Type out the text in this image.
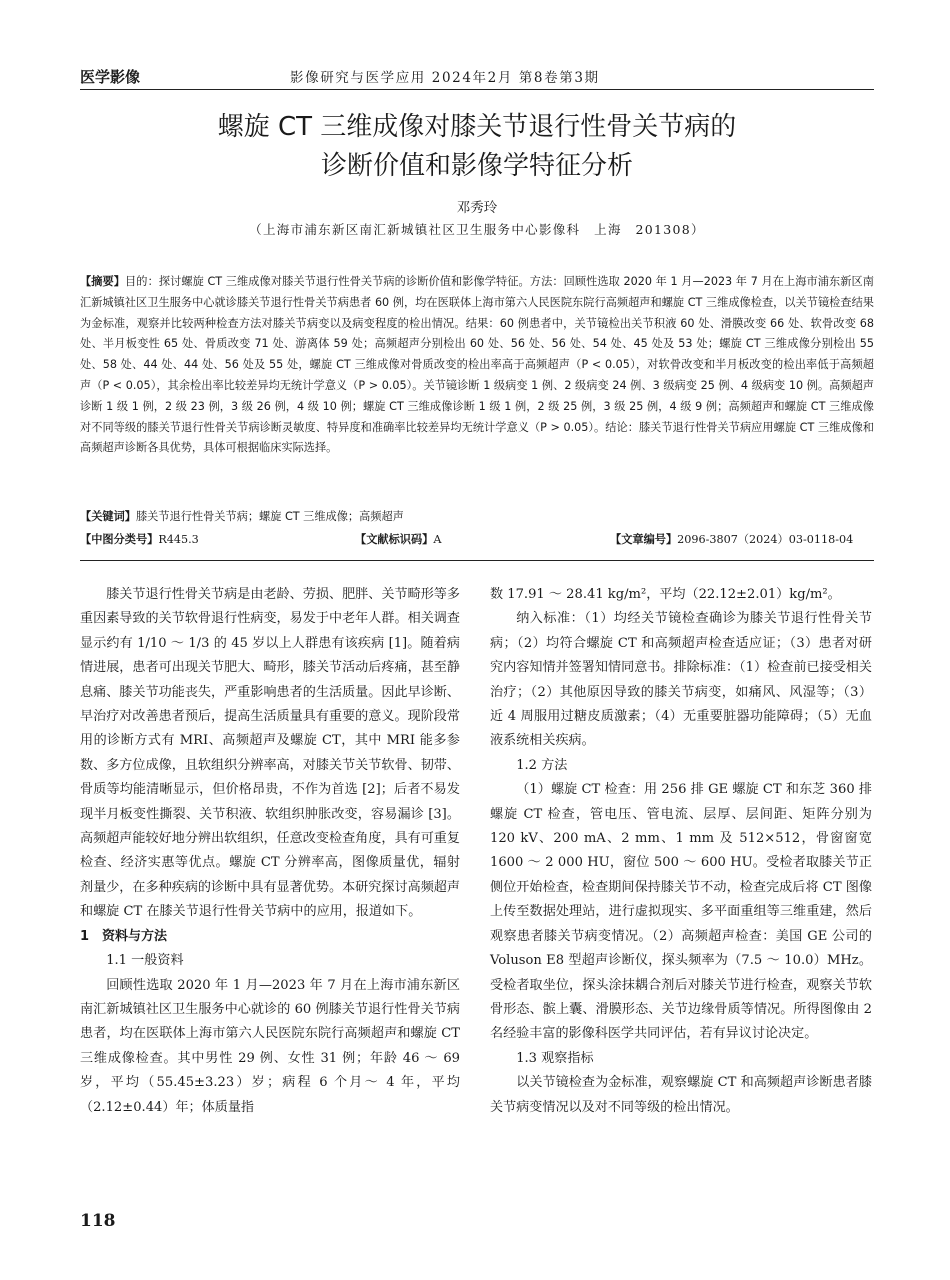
医学影像	影像研究与医学应用 2024年2月 第8卷第3期
螺旋 CT 三维成像对膝关节退行性骨关节病的
诊断价值和影像学特征分析
邓秀玲
（上海市浦东新区南汇新城镇社区卫生服务中心影像科　上海　201308）
【摘要】目的：探讨螺旋 CT 三维成像对膝关节退行性骨关节病的诊断价值和影像学特征。方法：回顾性选取 2020 年 1 月—2023 年 7 月在上海市浦东新区南汇新城镇社区卫生服务中心就诊膝关节退行性骨关节病患者 60 例，均在医联体上海市第六人民医院东院行高频超声和螺旋 CT 三维成像检查，以关节镜检查结果为金标准，观察并比较两种检查方法对膝关节病变以及病变程度的检出情况。结果：60 例患者中，关节镜检出关节积液 60 处、滑膜改变 66 处、软骨改变 68 处、半月板变性 65 处、骨质改变 71 处、游离体 59 处；高频超声分别检出 60 处、56 处、56 处、54 处、45 处及 53 处；螺旋 CT 三维成像分别检出 55 处、58 处、44 处、44 处、56 处及 55 处，螺旋 CT 三维成像对骨质改变的检出率高于高频超声（P < 0.05），对软骨改变和半月板改变的检出率低于高频超声（P < 0.05），其余检出率比较差异均无统计学意义（P > 0.05）。关节镜诊断 1 级病变 1 例、2 级病变 24 例、3 级病变 25 例、4 级病变 10 例。高频超声诊断 1 级 1 例，2 级 23 例，3 级 26 例，4 级 10 例；螺旋 CT 三维成像诊断 1 级 1 例，2 级 25 例，3 级 25 例，4 级 9 例；高频超声和螺旋 CT 三维成像对不同等级的膝关节退行性骨关节病诊断灵敏度、特异度和准确率比较差异均无统计学意义（P > 0.05）。结论：膝关节退行性骨关节病应用螺旋 CT 三维成像和高频超声诊断各具优势，具体可根据临床实际选择。
【关键词】膝关节退行性骨关节病；螺旋 CT 三维成像；高频超声
【中图分类号】R445.3	【文献标识码】A	【文章编号】2096-3807（2024）03-0118-04

膝关节退行性骨关节病是由老龄、劳损、肥胖、关节畸形等多重因素导致的关节软骨退行性病变，易发于中老年人群。相关调查显示约有 1/10 ～ 1/3 的 45 岁以上人群患有该疾病 [1]。随着病情进展，患者可出现关节肥大、畸形，膝关节活动后疼痛，甚至静息痛、膝关节功能丧失，严重影响患者的生活质量。因此早诊断、早治疗对改善患者预后，提高生活质量具有重要的意义。现阶段常用的诊断方式有 MRI、高频超声及螺旋 CT，其中 MRI 能多参数、多方位成像，且软组织分辨率高，对膝关节关节软骨、韧带、骨质等均能清晰显示，但价格昂贵，不作为首选 [2]；后者不易发现半月板变性撕裂、关节积液、软组织肿胀改变，容易漏诊 [3]。高频超声能较好地分辨出软组织，任意改变检查角度，具有可重复检查、经济实惠等优点。螺旋 CT 分辨率高，图像质量优，辐射剂量少，在多种疾病的诊断中具有显著优势。本研究探讨高频超声和螺旋 CT 在膝关节退行性骨关节病中的应用，报道如下。

1　资料与方法
1.1 一般资料

回顾性选取 2020 年 1 月—2023 年 7 月在上海市浦东新区南汇新城镇社区卫生服务中心就诊的 60 例膝关节退行性骨关节病患者，均在医联体上海市第六人民医院东院行高频超声和螺旋 CT 三维成像检查。其中男性 29 例、女性 31 例；年龄 46 ～ 69 岁，平均（55.45±3.23）岁；病程 6 个月～ 4 年，平均（2.12±0.44）年；体质量指

数 17.91 ～ 28.41 kg/m²，平均（22.12±2.01）kg/m²。

纳入标准：（1）均经关节镜检查确诊为膝关节退行性骨关节病；（2）均符合螺旋 CT 和高频超声检查适应证；（3）患者对研究内容知情并签署知情同意书。排除标准：（1）检查前已接受相关治疗；（2）其他原因导致的膝关节病变，如痛风、风湿等；（3）近 4 周服用过糖皮质激素；（4）无重要脏器功能障碍；（5）无血液系统相关疾病。

1.2 方法

（1）螺旋 CT 检查：用 256 排 GE 螺旋 CT 和东芝 360 排螺旋 CT 检查，管电压、管电流、层厚、层间距、矩阵分别为 120 kV、200 mA、2 mm、1 mm 及 512×512，骨窗窗宽 1600 ～ 2 000 HU，窗位 500 ～ 600 HU。受检者取膝关节正侧位开始检查，检查期间保持膝关节不动，检查完成后将 CT 图像上传至数据处理站，进行虚拟现实、多平面重组等三维重建，然后观察患者膝关节病变情况。（2）高频超声检查：美国 GE 公司的 Voluson E8 型超声诊断仪，探头频率为（7.5 ～ 10.0）MHz。受检者取坐位，探头涂抹耦合剂后对膝关节进行检查，观察关节软骨形态、髌上囊、滑膜形态、关节边缘骨质等情况。所得图像由 2 名经验丰富的影像科医学共同评估，若有异议讨论决定。

1.3 观察指标

以关节镜检查为金标准，观察螺旋 CT 和高频超声诊断患者膝关节病变情况以及对不同等级的检出情况。

118
